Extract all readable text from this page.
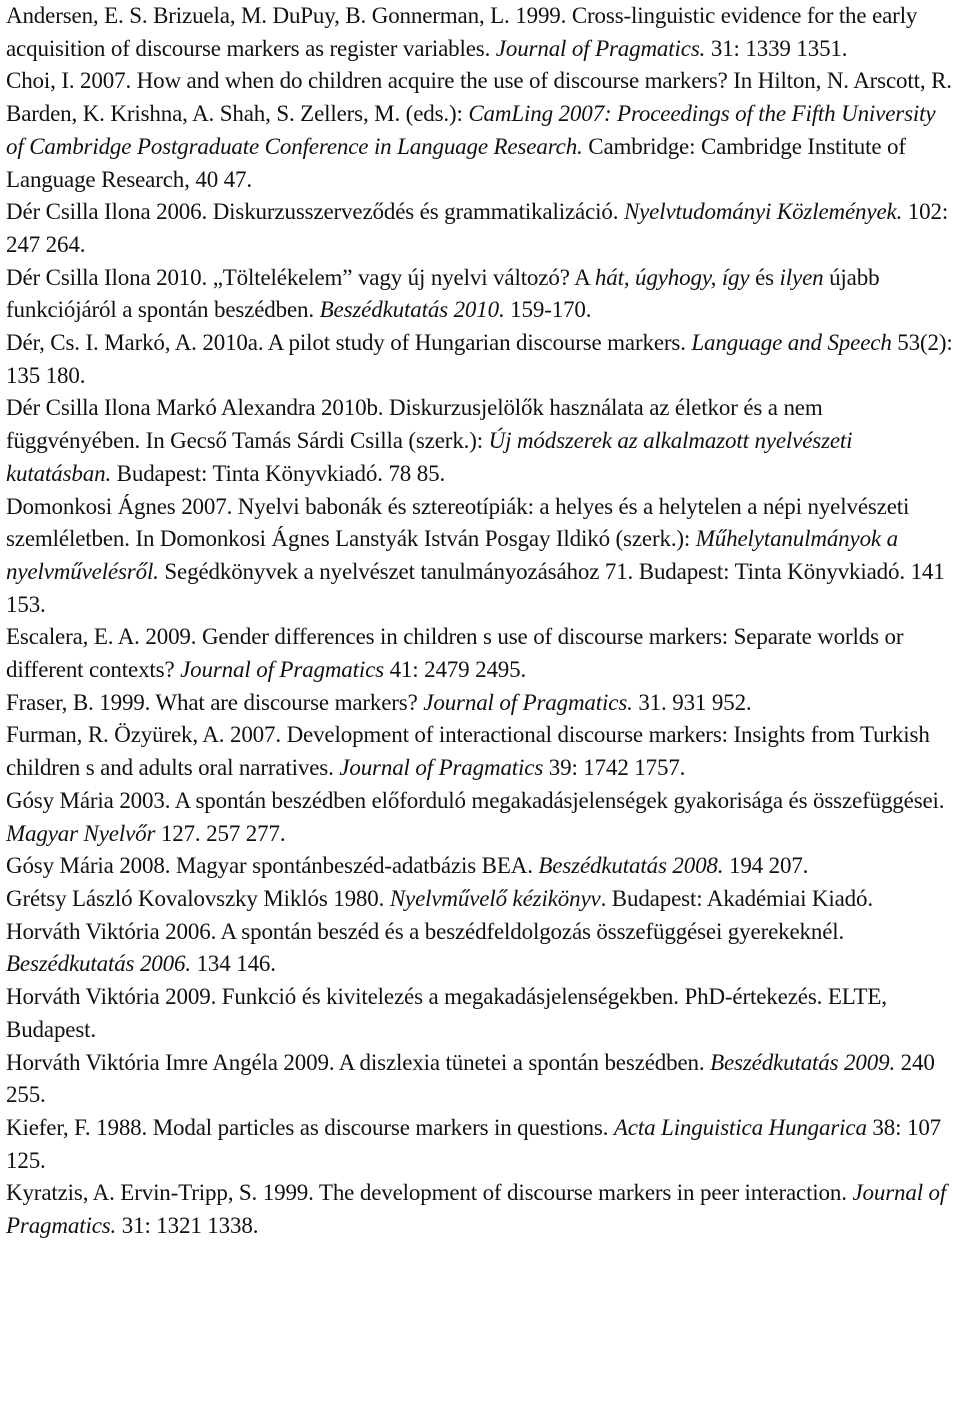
Andersen, E. S. Brizuela, M. DuPuy, B. Gonnerman, L. 1999. Cross-linguistic evidence for the early acquisition of discourse markers as register variables. Journal of Pragmatics. 31: 1339 1351.

Choi, I. 2007. How and when do children acquire the use of discourse markers? In Hilton, N. Arscott, R. Barden, K. Krishna, A. Shah, S. Zellers, M. (eds.): CamLing 2007: Proceedings of the Fifth University of Cambridge Postgraduate Conference in Language Research. Cambridge: Cambridge Institute of Language Research, 40 47.

Dér Csilla Ilona 2006. Diskurzusszerveződés és grammatikalizáció. Nyelvtudományi Közlemények. 102: 247 264.

Dér Csilla Ilona 2010. „Töltelékelem” vagy új nyelvi változó? A hát, úgyhogy, így és ilyen újabb funkciójáról a spontán beszédben. Beszédkutatás 2010. 159-170.

Dér, Cs. I. Markó, A. 2010a. A pilot study of Hungarian discourse markers. Language and Speech 53(2): 135 180.

Dér Csilla Ilona Markó Alexandra 2010b. Diskurzusjelölők használata az életkor és a nem függvényében. In Gecső Tamás Sárdi Csilla (szerk.): Új módszerek az alkalmazott nyelvészeti kutatásban. Budapest: Tinta Könyvkiadó. 78 85.

Domonkosi Ágnes 2007. Nyelvi babonák és sztereotípiák: a helyes és a helytelen a népi nyelvészeti szemléletben. In Domonkosi Ágnes Lanstyák István Posgay Ildikó (szerk.): Műhelytanulmányok a nyelvművelésről. Segédkönyvek a nyelvészet tanulmányozásához 71. Budapest: Tinta Könyvkiadó. 141 153.

Escalera, E. A. 2009. Gender differences in children s use of discourse markers: Separate worlds or different contexts? Journal of Pragmatics 41: 2479 2495.

Fraser, B. 1999. What are discourse markers? Journal of Pragmatics. 31. 931 952.

Furman, R. Özyürek, A. 2007. Development of interactional discourse markers: Insights from Turkish children s and adults oral narratives. Journal of Pragmatics 39: 1742 1757.

Gósy Mária 2003. A spontán beszédben előforduló megakadásjelenségek gyakorisága és összefüggései. Magyar Nyelvőr 127. 257 277.

Gósy Mária 2008. Magyar spontánbeszéd-adatbázis BEA. Beszédkutatás 2008. 194 207.

Grétsy László Kovalovszky Miklós 1980. Nyelvművelő kézikönyv. Budapest: Akadémiai Kiadó.

Horváth Viktória 2006. A spontán beszéd és a beszédfeldolgozás összefüggései gyerekeknél. Beszédkutatás 2006. 134 146.

Horváth Viktória 2009. Funkció és kivitelezés a megakadásjelenségekben. PhD-értekezés. ELTE, Budapest.

Horváth Viktória Imre Angéla 2009. A diszlexia tünetei a spontán beszédben. Beszédkutatás 2009. 240 255.

Kiefer, F. 1988. Modal particles as discourse markers in questions. Acta Linguistica Hungarica 38: 107 125.

Kyratzis, A. Ervin-Tripp, S. 1999. The development of discourse markers in peer interaction. Journal of Pragmatics. 31: 1321 1338.
